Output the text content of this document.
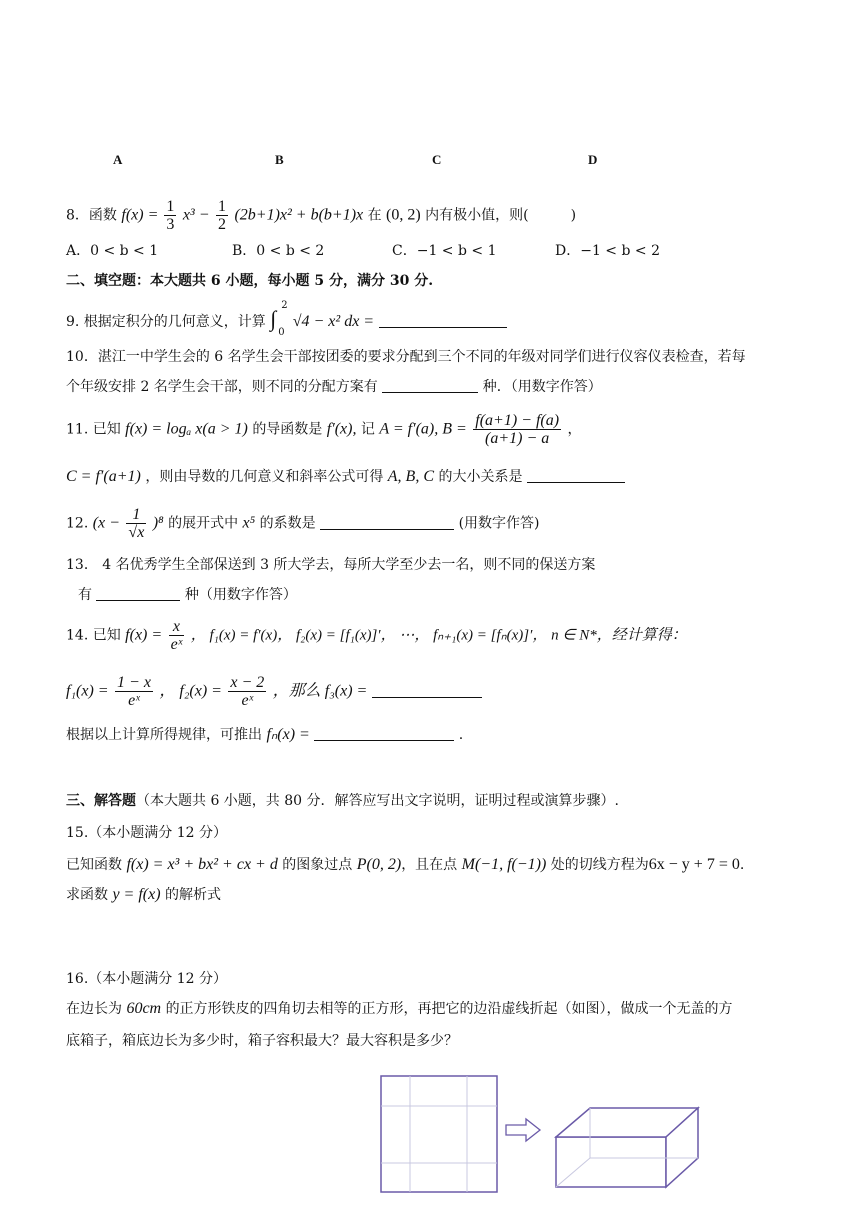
A	B	C	D
8．函数 $f(x) = \frac{1}{3} x^3 - \frac{1}{2} (2b+1)x^2 + b(b+1)x$ 在 (0, 2) 内有极小值，则(　　　)
A．0 < b < 1	B．0 < b < 2	C．−1 < b < 1	D．−1 < b < 2
二、填空题：本大题共 6 小题，每小题 5 分，满分 30 分.
9. 根据定积分的几何意义，计算 ∫
2
0
√4 − x² dx =
10．湛江一中学生会的 6 名学生会干部按团委的要求分配到三个不同的年级对同学们进行仪容仪表检查，若每
个年级安排 2 名学生会干部，则不同的分配方案有	种．（用数字作答）
11. 已知 f(x) = logₐ x(a > 1) 的导函数是 f′(x), 记 A = f′(a), $B = \frac{f(a+1) - f(a)}{(a+1) - a}$ ，
C = f′(a+1) ，则由导数的几何意义和斜率公式可得 A, B, C 的大小关系是
12. $(x - \frac{1}{√x} )^8$ 的展开式中 x⁵ 的系数是	(用数字作答)
13． 4 名优秀学生全部保送到 3 所大学去，每所大学至少去一名，则不同的保送方案
有	种（用数字作答）
14. 已知 $f(x) = \frac{x}{\text{eˣ}}$ ， f₁(x) = f′(x)， f₂(x) = [f₁(x)]′， ⋯， fₙ₊₁(x) = [fₙ(x)]′， n ∈ N*，经计算得：
$f_1(x) = \frac{1 - x}{\text{eˣ}}$ ， $f_2(x) = \frac{x - 2}{\text{eˣ}}$ ，那么 f₃(x) =
根据以上计算所得规律，可推出 fₙ(x) =	.
三、解答题（本大题共 6 小题，共 80 分．解答应写出文字说明，证明过程或演算步骤）.
15.（本小题满分 12 分）
已知函数 f(x) = x³ + bx² + cx + d 的图象过点 P(0, 2)，且在点 M(−1, f(−1)) 处的切线方程为6x − y + 7 = 0.
求函数 y = f(x) 的解析式
16.（本小题满分 12 分）
在边长为 60cm 的正方形铁皮的四角切去相等的正方形，再把它的边沿虚线折起（如图），做成一个无盖的方
底箱子，箱底边长为多少时，箱子容积最大？最大容积是多少？
